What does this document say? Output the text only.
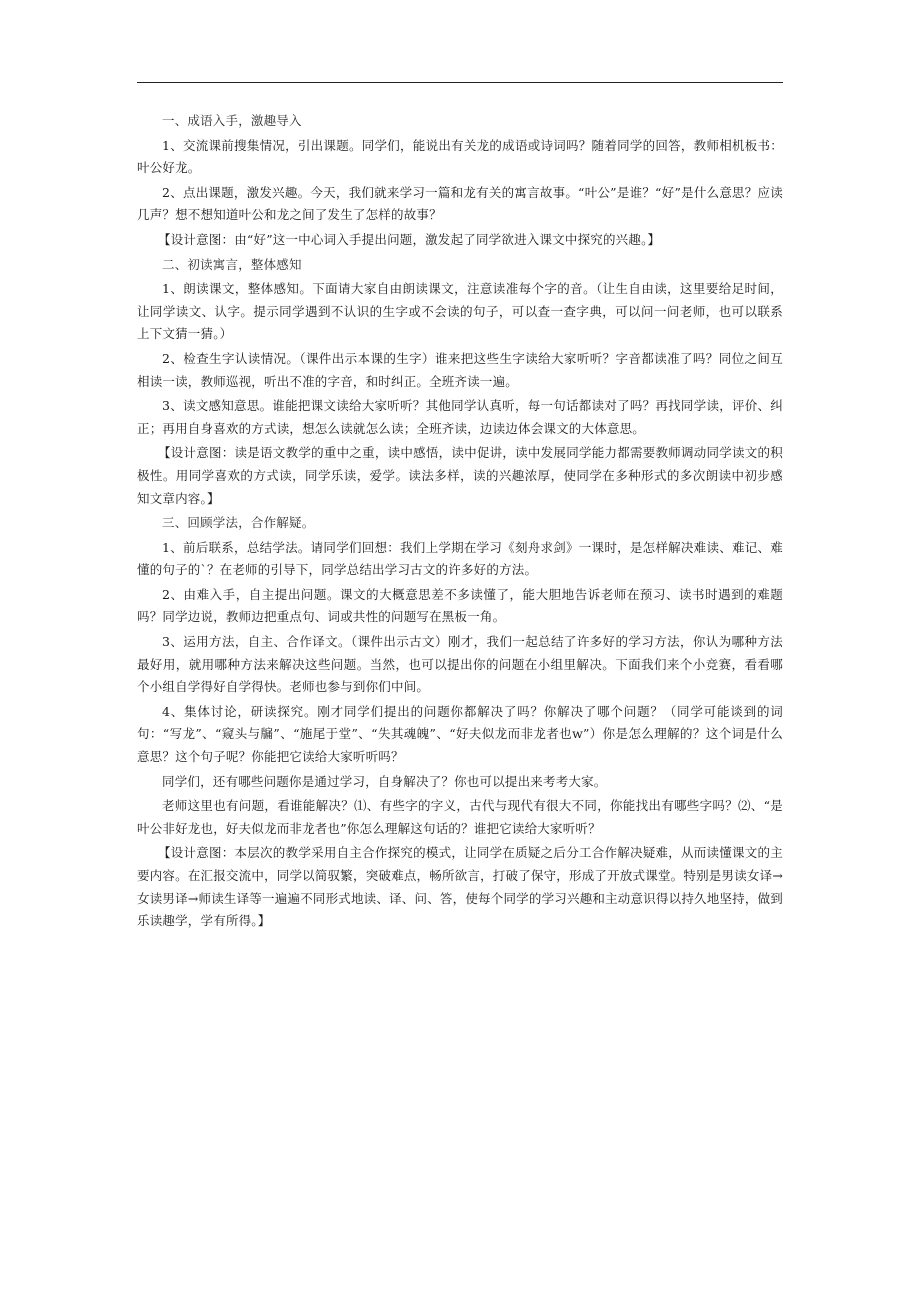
一、成语入手，激趣导入

1、交流课前搜集情况，引出课题。同学们，能说出有关龙的成语或诗词吗？随着同学的回答，教师相机板书：叶公好龙。

2、点出课题，激发兴趣。今天，我们就来学习一篇和龙有关的寓言故事。“叶公”是谁？“好”是什么意思？应读几声？想不想知道叶公和龙之间了发生了怎样的故事？

【设计意图：由“好”这一中心词入手提出问题，激发起了同学欲进入课文中探究的兴趣。】

二、初读寓言，整体感知

1、朗读课文，整体感知。下面请大家自由朗读课文，注意读准每个字的音。（让生自由读，这里要给足时间，让同学读文、认字。提示同学遇到不认识的生字或不会读的句子，可以查一查字典，可以问一问老师，也可以联系上下文猜一猜。）

2、检查生字认读情况。（课件出示本课的生字）谁来把这些生字读给大家听听？字音都读准了吗？同位之间互相读一读，教师巡视，听出不准的字音，和时纠正。全班齐读一遍。

3、读文感知意思。谁能把课文读给大家听听？其他同学认真听，每一句话都读对了吗？再找同学读，评价、纠正；再用自身喜欢的方式读，想怎么读就怎么读；全班齐读，边读边体会课文的大体意思。

【设计意图：读是语文教学的重中之重，读中感悟，读中促讲，读中发展同学能力都需要教师调动同学读文的积极性。用同学喜欢的方式读，同学乐读，爱学。读法多样，读的兴趣浓厚，使同学在多种形式的多次朗读中初步感知文章内容。】

三、回顾学法，合作解疑。

1、前后联系，总结学法。请同学们回想：我们上学期在学习《刻舟求剑》一课时，是怎样解决难读、难记、难懂的句子的`？在老师的引导下，同学总结出学习古文的许多好的方法。

2、由难入手，自主提出问题。课文的大概意思差不多读懂了，能大胆地告诉老师在预习、读书时遇到的难题吗？同学边说，教师边把重点句、词或共性的问题写在黑板一角。

3、运用方法，自主、合作译文。（课件出示古文）刚才，我们一起总结了许多好的学习方法，你认为哪种方法最好用，就用哪种方法来解决这些问题。当然，也可以提出你的问题在小组里解决。下面我们来个小竞赛，看看哪个小组自学得好自学得快。老师也参与到你们中间。

4、集体讨论，研读探究。刚才同学们提出的问题你都解决了吗？你解决了哪个问题？（同学可能谈到的词句：“写龙”、“窥头与牖”、“施尾于堂”、“失其魂魄”、“好夫似龙而非龙者也w”）你是怎么理解的？这个词是什么意思？这个句子呢？你能把它读给大家听听吗？

同学们，还有哪些问题你是通过学习，自身解决了？你也可以提出来考考大家。

老师这里也有问题，看谁能解决？⑴、有些字的字义，古代与现代有很大不同，你能找出有哪些字吗？⑵、“是叶公非好龙也，好夫似龙而非龙者也”你怎么理解这句话的？谁把它读给大家听听？

【设计意图：本层次的教学采用自主合作探究的模式，让同学在质疑之后分工合作解决疑难，从而读懂课文的主要内容。在汇报交流中，同学以简驭繁，突破难点，畅所欲言，打破了保守，形成了开放式课堂。特别是男读女译→女读男译→师读生译等一遍遍不同形式地读、译、问、答，使每个同学的学习兴趣和主动意识得以持久地坚持，做到乐读趣学，学有所得。】
